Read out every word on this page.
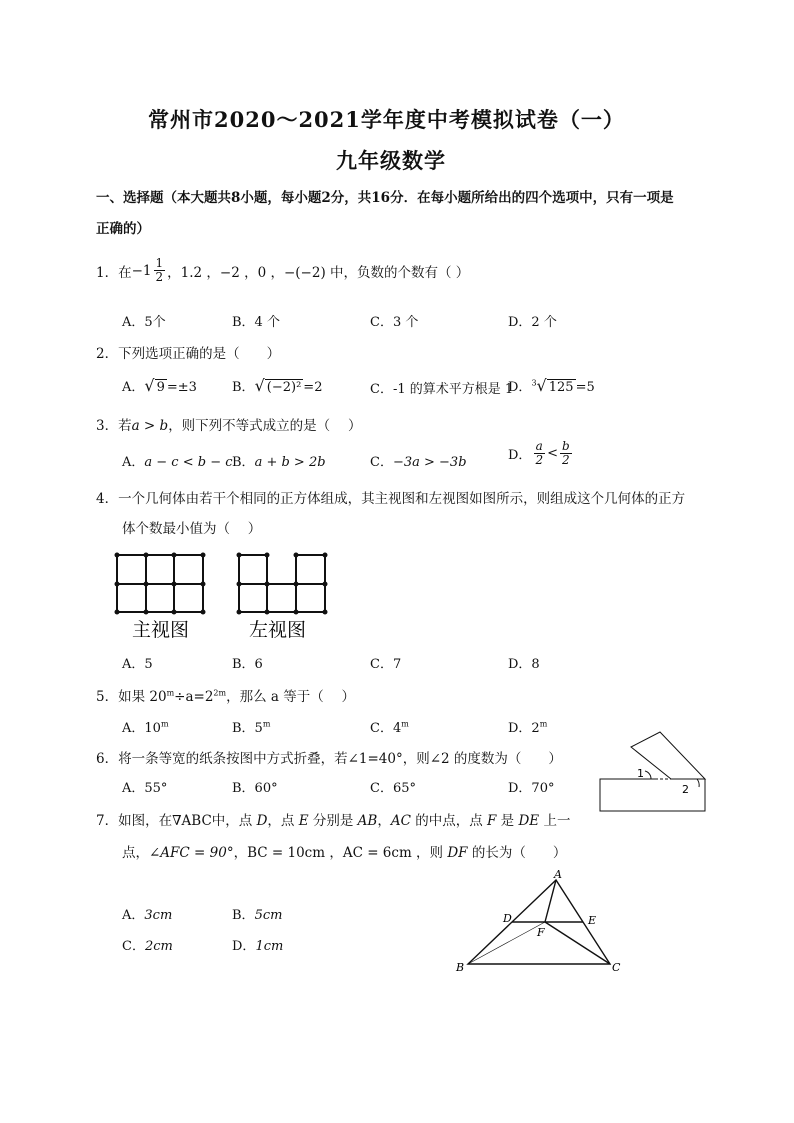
常州市2020～2021学年度中考模拟试卷（一）
九年级数学
一、选择题（本大题共8小题，每小题2分，共16分．在每小题所给出的四个选项中，只有一项是
正确的）
1．在 $-1 \frac{1}{2}$ ，1.2 ，−2 ，0 ，−(−2) 中，负数的个数有（ ）
A．5个	B．4 个	C．3 个	D．2 个
2．下列选项正确的是（　　）
A．√ 9 =±3	B．√ (−2)² =2	C．-1 的算术平方根是 1
D．$^3$√ 125 =5
3．若a > b，则下列不等式成立的是（　 ）
A．a − c < b − c B．a + b > 2b	C．−3a > −3b	D． $\frac{a}{2} < \frac{b}{2}$
4．一个几何体由若干个相同的正方体组成，其主视图和左视图如图所示，则组成这个几何体的正方
体个数最小值为（　 ）
主视图	左视图
A．5	B．6	C．7	D．8
5．如果 $20^m\div a=2^{2m}$，那么 a 等于（　 ）
A．10$^m$	B．5$^m$	C．4$^m$	D．2$^m$
6．将一条等宽的纸条按图中方式折叠，若∠1=40°，则∠2 的度数为（　　）
A．55°	B．60°	C．65°	D．70°
1
2
7．如图，在∇ABC中，点 D，点 E 分别是 AB，AC 的中点，点 F 是 DE 上一
点，∠AFC = 90°，BC = 10cm ，AC = 6cm ，则 DF 的长为（　　）
A．3cm	B．5cm
C．2cm	D．1cm
A
B	C
D	E
F
